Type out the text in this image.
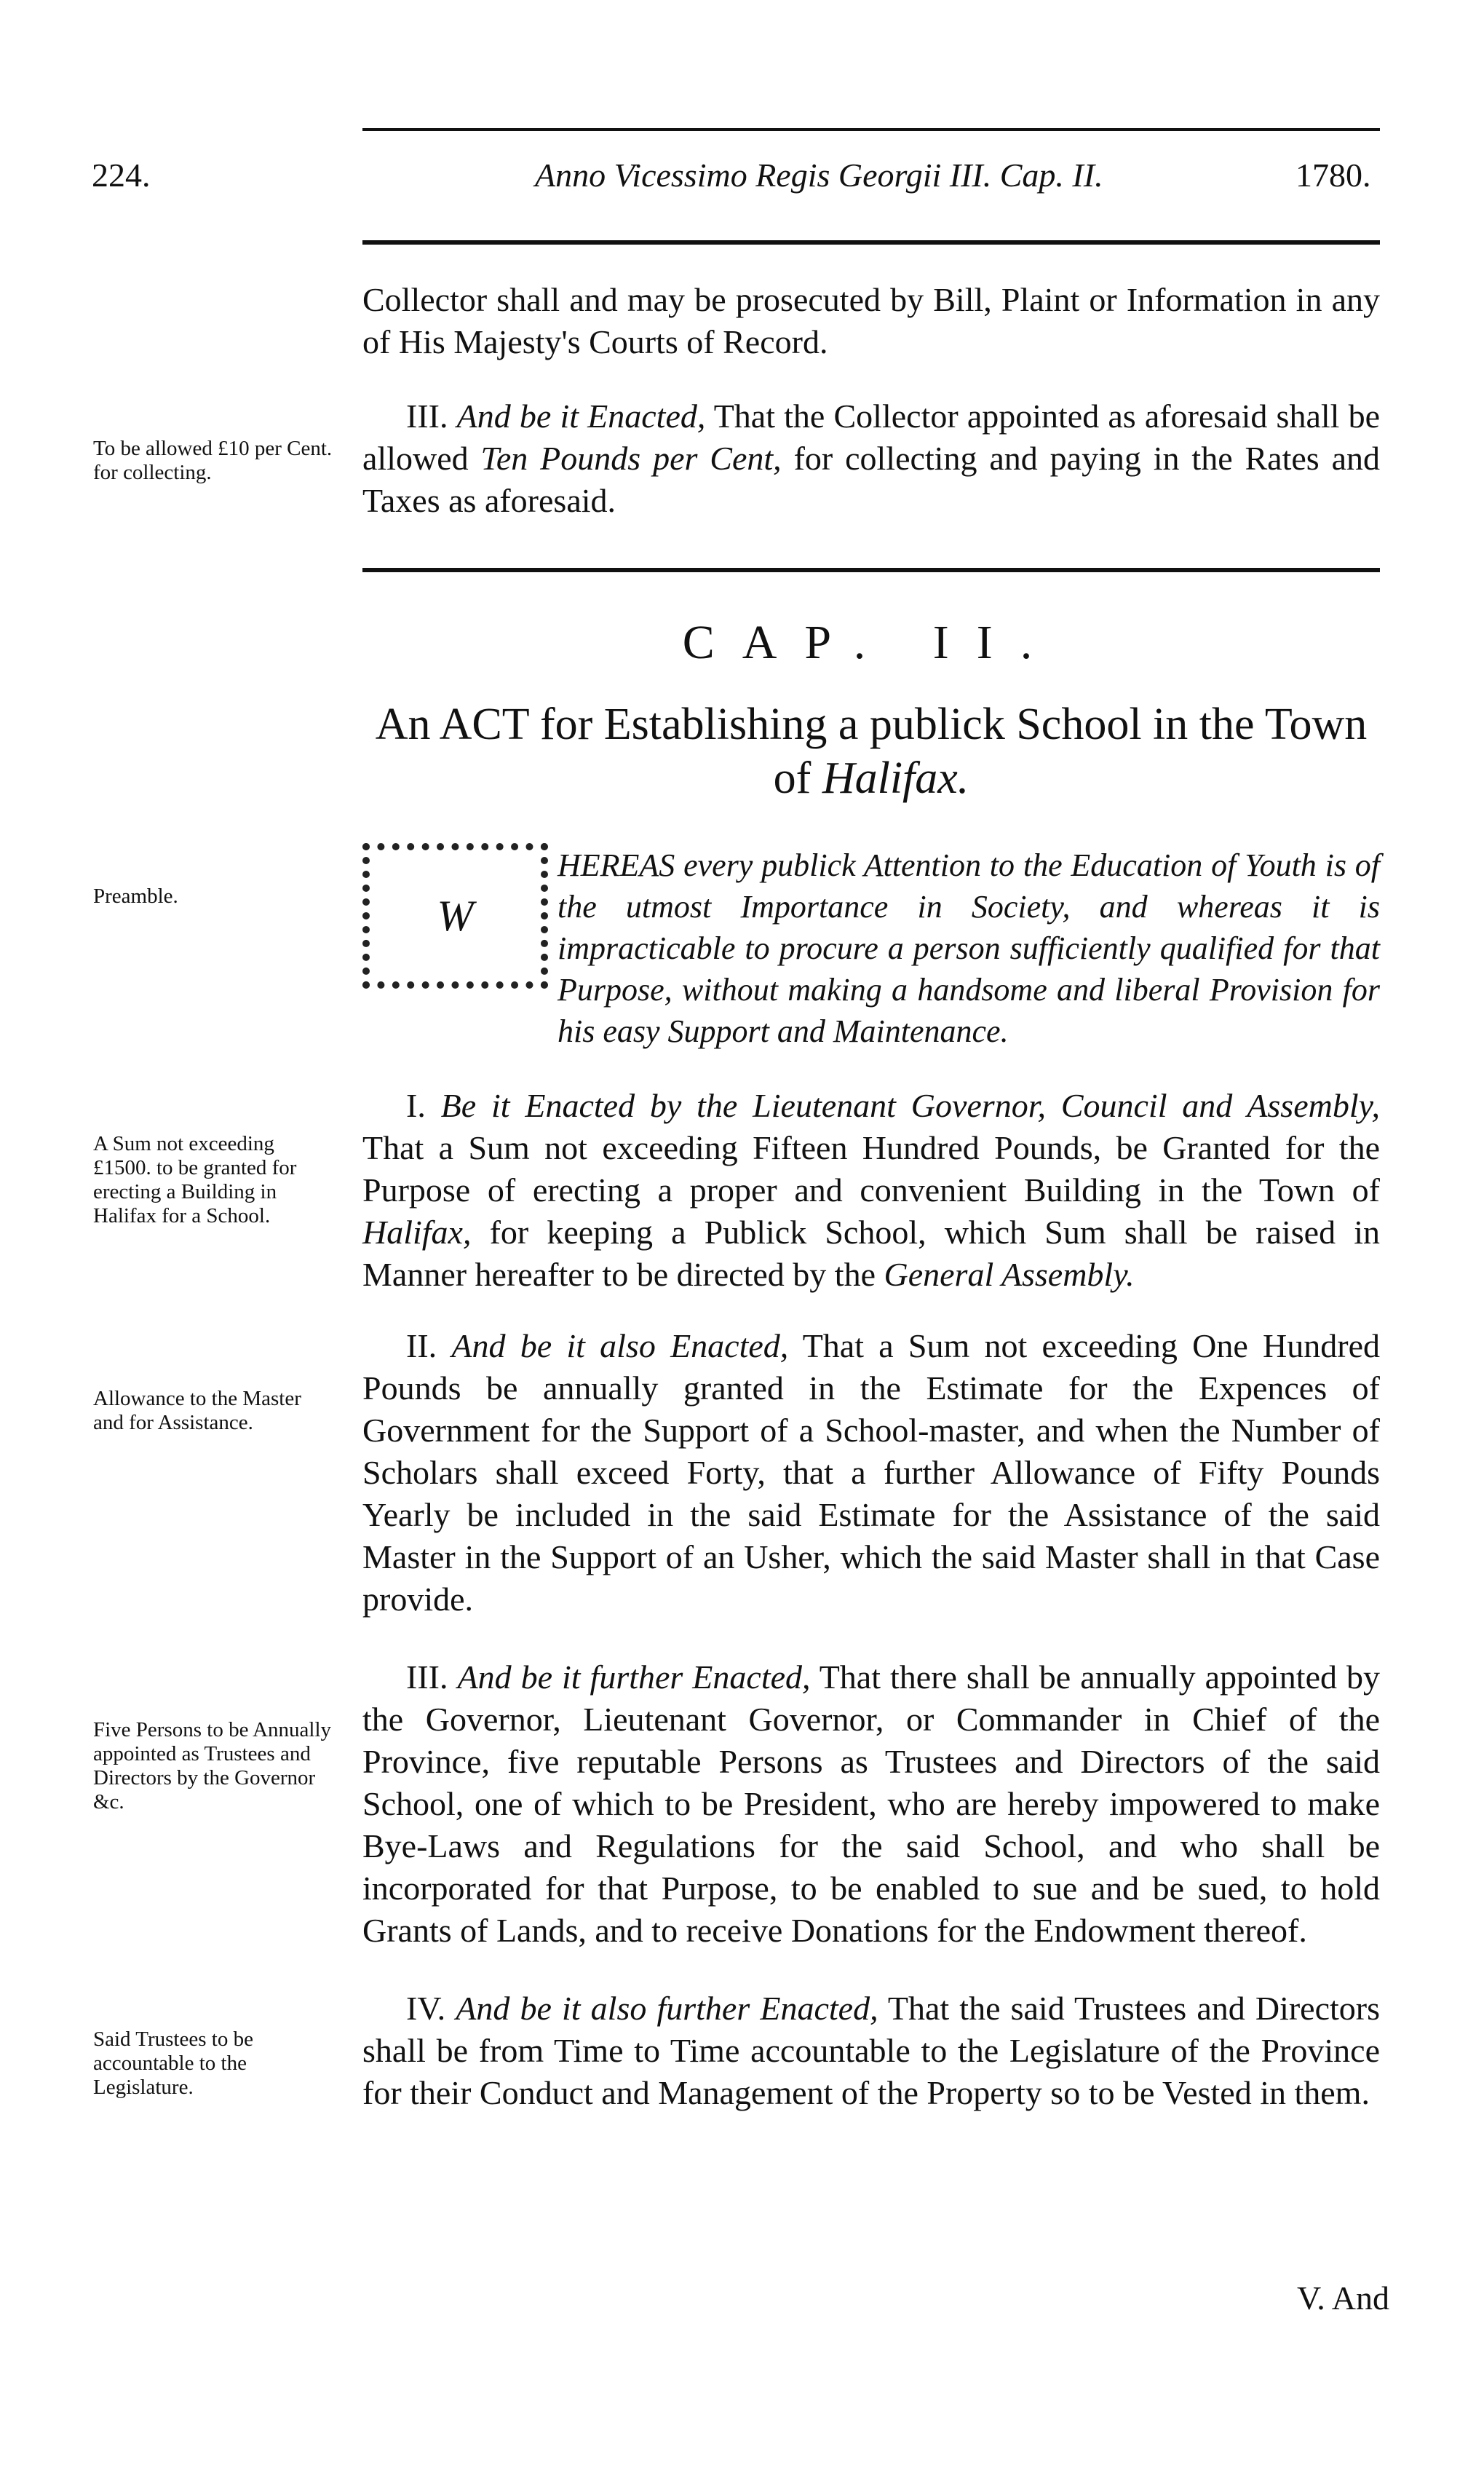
224.	Anno Vicessimo Regis Georgii III. Cap. II.	1780.

Collector shall and may be prosecuted by Bill, Plaint or Information in any of His Majesty's Courts of Record.

III. And be it Enacted, That the Collector appointed as aforesaid shall be allowed Ten Pounds per Cent, for collecting and paying in the Rates and Taxes as aforesaid.

To be allowed £10 per Cent. for collecting.
CAP. II.
An ACT for Establishing a publick School in the Town of Halifax.
W
HEREAS every publick Attention to the Education of Youth is of the utmost Importance in Society, and whereas it is impracticable to procure a person sufficiently qualified for that Purpose, without making a handsome and liberal Provision for his easy Support and Maintenance.
Preamble.

I. Be it Enacted by the Lieutenant Governor, Council and Assembly, That a Sum not exceeding Fifteen Hundred Pounds, be Granted for the Purpose of erecting a proper and convenient Building in the Town of Halifax, for keeping a Publick School, which Sum shall be raised in Manner hereafter to be directed by the General Assembly.

A Sum not exceeding £1500. to be granted for erecting a Building in Halifax for a School.

II. And be it also Enacted, That a Sum not exceeding One Hundred Pounds be annually granted in the Estimate for the Expences of Government for the Support of a School-master, and when the Number of Scholars shall exceed Forty, that a further Allowance of Fifty Pounds Yearly be included in the said Estimate for the Assistance of the said Master in the Support of an Usher, which the said Master shall in that Case provide.

Allowance to the Master and for Assistance.

III. And be it further Enacted, That there shall be annually appointed by the Governor, Lieutenant Governor, or Commander in Chief of the Province, five reputable Persons as Trustees and Directors of the said School, one of which to be President, who are hereby impowered to make Bye-Laws and Regulations for the said School, and who shall be incorporated for that Purpose, to be enabled to sue and be sued, to hold Grants of Lands, and to receive Donations for the Endowment thereof.

Five Persons to be Annually appointed as Trustees and Directors by the Governor &c.

IV. And be it also further Enacted, That the said Trustees and Directors shall be from Time to Time accountable to the Legislature of the Province for their Conduct and Management of the Property so to be Vested in them.

Said Trustees to be accountable to the Legislature.
V. And
